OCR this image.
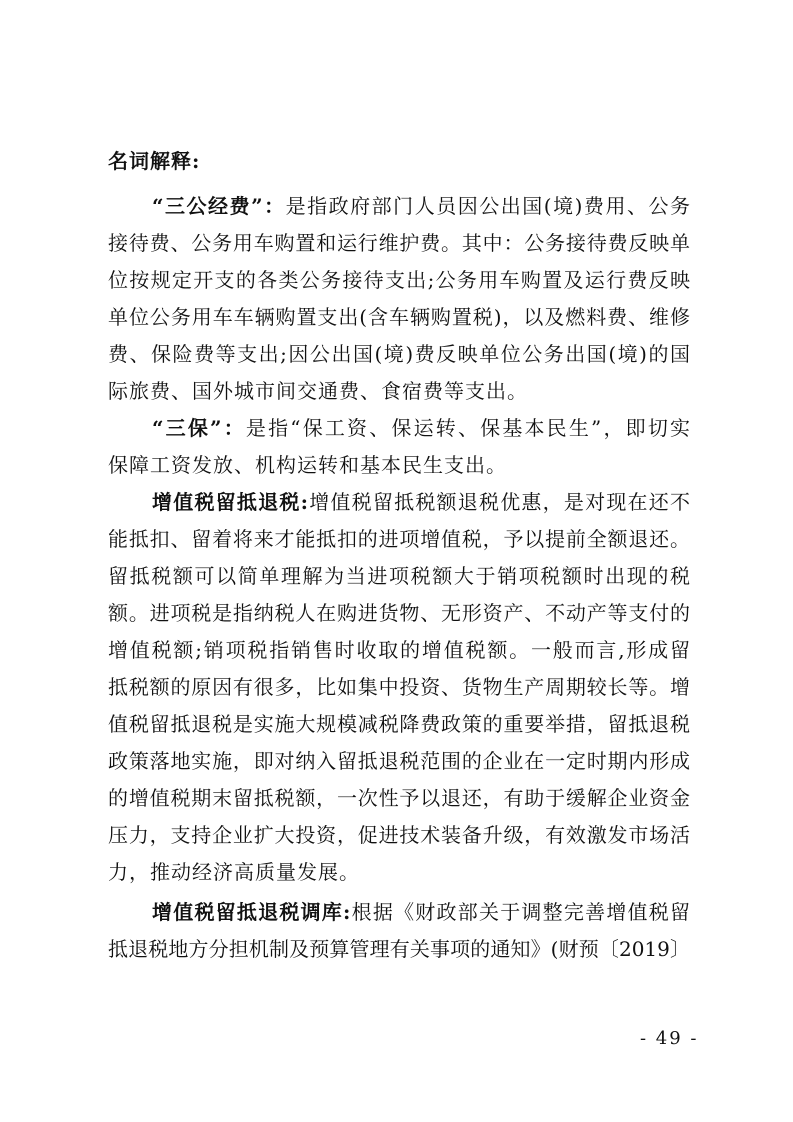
名词解释:
“三公经费”：是指政府部门人员因公出国(境)费用、公务
接待费、公务用车购置和运行维护费。其中：公务接待费反映单
位按规定开支的各类公务接待支出;公务用车购置及运行费反映
单位公务用车车辆购置支出(含车辆购置税)，以及燃料费、维修
费、保险费等支出;因公出国(境)费反映单位公务出国(境)的国
际旅费、国外城市间交通费、食宿费等支出。
“三保”：是指“保工资、保运转、保基本民生”，即切实
保障工资发放、机构运转和基本民生支出。
增值税留抵退税:增值税留抵税额退税优惠，是对现在还不
能抵扣、留着将来才能抵扣的进项增值税，予以提前全额退还。
留抵税额可以简单理解为当进项税额大于销项税额时出现的税
额。进项税是指纳税人在购进货物、无形资产、不动产等支付的
增值税额;销项税指销售时收取的增值税额。一般而言,形成留
抵税额的原因有很多，比如集中投资、货物生产周期较长等。增
值税留抵退税是实施大规模减税降费政策的重要举措，留抵退税
政策落地实施，即对纳入留抵退税范围的企业在一定时期内形成
的增值税期末留抵税额，一次性予以退还，有助于缓解企业资金
压力，支持企业扩大投资，促进技术装备升级，有效激发市场活
力，推动经济高质量发展。
增值税留抵退税调库:根据《财政部关于调整完善增值税留
抵退税地方分担机制及预算管理有关事项的通知》(财预〔2019〕
- 49 -
